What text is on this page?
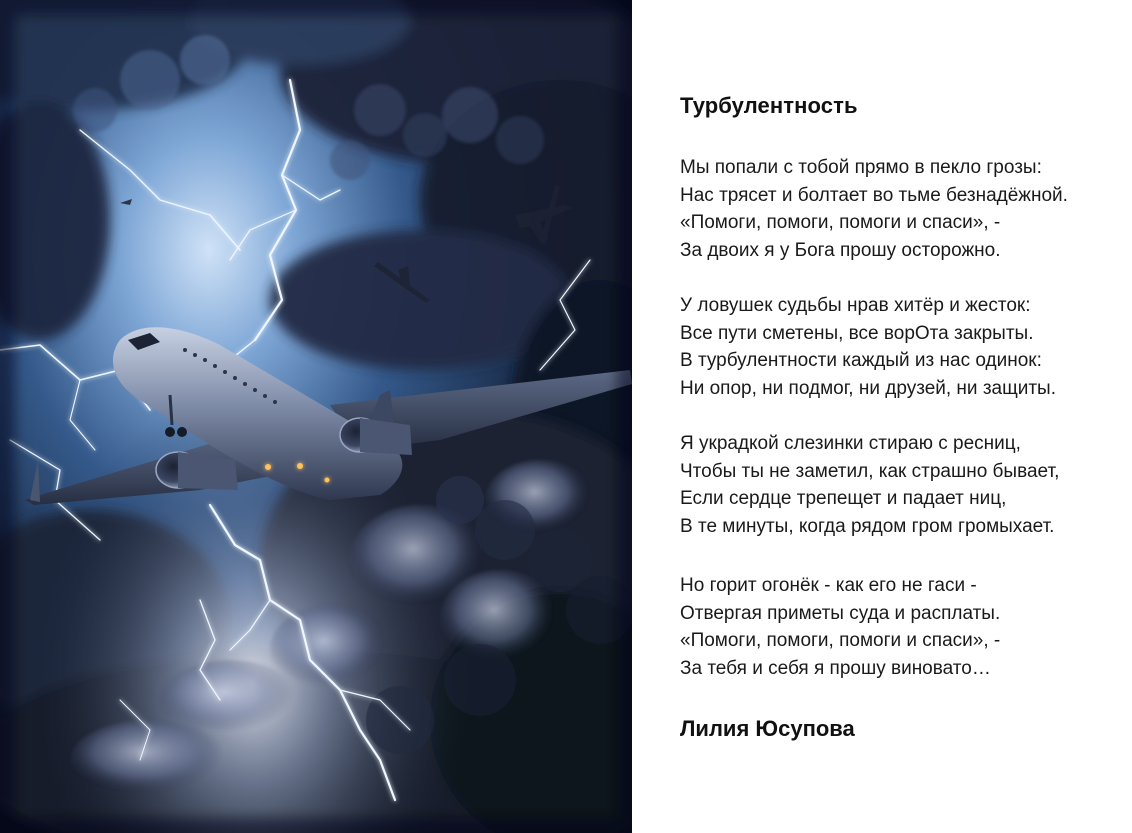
Турбулентность
Мы попали с тобой прямо в пекло грозы:
Нас трясет и болтает во тьме безнадёжной.
«Помоги, помоги, помоги и спаси», -
За двоих я у Бога прошу осторожно.
У ловушек судьбы нрав хитёр и жесток:
Все пути сметены, все ворОта закрыты.
В турбулентности каждый из нас одинок:
Ни опор, ни подмог, ни друзей, ни защиты.
Я украдкой слезинки стираю с ресниц,
Чтобы ты не заметил, как страшно бывает,
Если сердце трепещет и падает ниц,
В те минуты, когда рядом гром громыхает.
Но горит огонёк - как его не гаси -
Отвергая приметы суда и расплаты.
«Помоги, помоги, помоги и спаси», -
За тебя и себя я прошу виновато…

Лилия Юсупова
